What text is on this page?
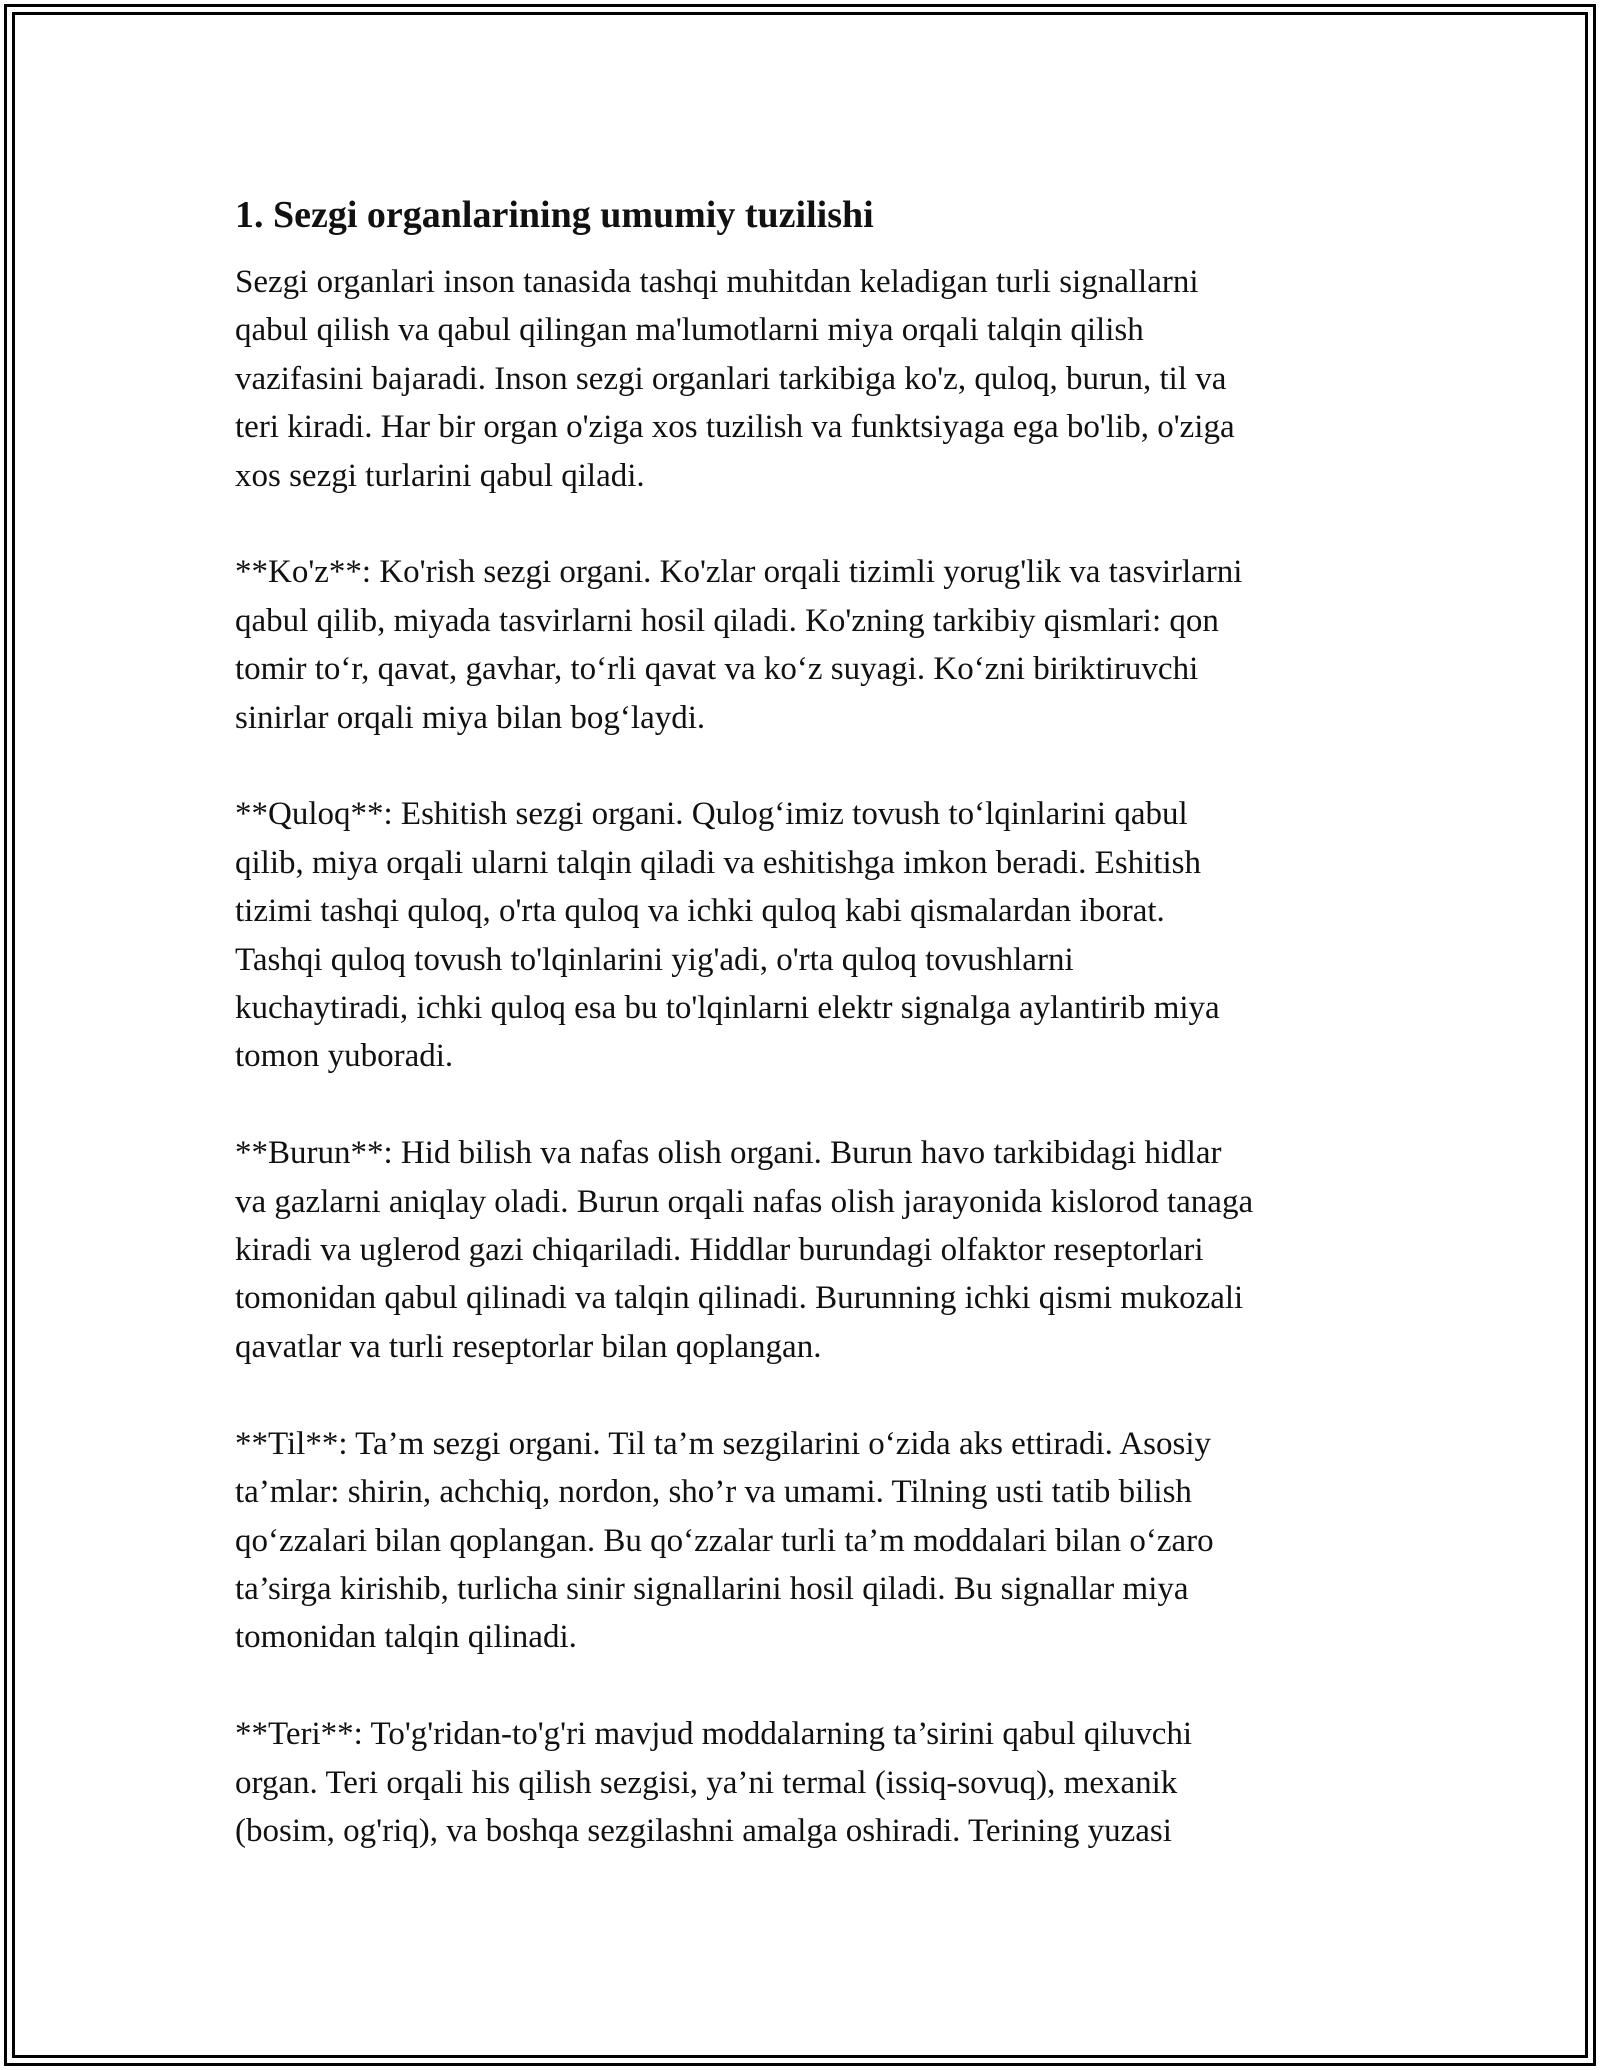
1. Sezgi organlarining umumiy tuzilishi
Sezgi organlari inson tanasida tashqi muhitdan keladigan turli signallarni
qabul qilish va qabul qilingan ma'lumotlarni miya orqali talqin qilish
vazifasini bajaradi. Inson sezgi organlari tarkibiga ko'z, quloq, burun, til va
teri kiradi. Har bir organ o'ziga xos tuzilish va funktsiyaga ega bo'lib, o'ziga
xos sezgi turlarini qabul qiladi.
**Ko'z**: Ko'rish sezgi organi. Ko'zlar orqali tizimli yorug'lik va tasvirlarni
qabul qilib, miyada tasvirlarni hosil qiladi. Ko'zning tarkibiy qismlari: qon
tomir to‘r, qavat, gavhar, to‘rli qavat va ko‘z suyagi. Ko‘zni biriktiruvchi
sinirlar orqali miya bilan bog‘laydi.
**Quloq**: Eshitish sezgi organi. Qulog‘imiz tovush to‘lqinlarini qabul
qilib, miya orqali ularni talqin qiladi va eshitishga imkon beradi. Eshitish
tizimi tashqi quloq, o'rta quloq va ichki quloq kabi qismalardan iborat.
Tashqi quloq tovush to'lqinlarini yig'adi, o'rta quloq tovushlarni
kuchaytiradi, ichki quloq esa bu to'lqinlarni elektr signalga aylantirib miya
tomon yuboradi.
**Burun**: Hid bilish va nafas olish organi. Burun havo tarkibidagi hidlar
va gazlarni aniqlay oladi. Burun orqali nafas olish jarayonida kislorod tanaga
kiradi va uglerod gazi chiqariladi. Hiddlar burundagi olfaktor reseptorlari
tomonidan qabul qilinadi va talqin qilinadi. Burunning ichki qismi mukozali
qavatlar va turli reseptorlar bilan qoplangan.
**Til**: Ta’m sezgi organi. Til ta’m sezgilarini o‘zida aks ettiradi. Asosiy
ta’mlar: shirin, achchiq, nordon, sho’r va umami. Tilning usti tatib bilish
qo‘zzalari bilan qoplangan. Bu qo‘zzalar turli ta’m moddalari bilan o‘zaro
ta’sirga kirishib, turlicha sinir signallarini hosil qiladi. Bu signallar miya
tomonidan talqin qilinadi.
**Teri**: To'g'ridan-to'g'ri mavjud moddalarning ta’sirini qabul qiluvchi
organ. Teri orqali his qilish sezgisi, ya’ni termal (issiq-sovuq), mexanik
(bosim, og'riq), va boshqa sezgilashni amalga oshiradi. Terining yuzasi
